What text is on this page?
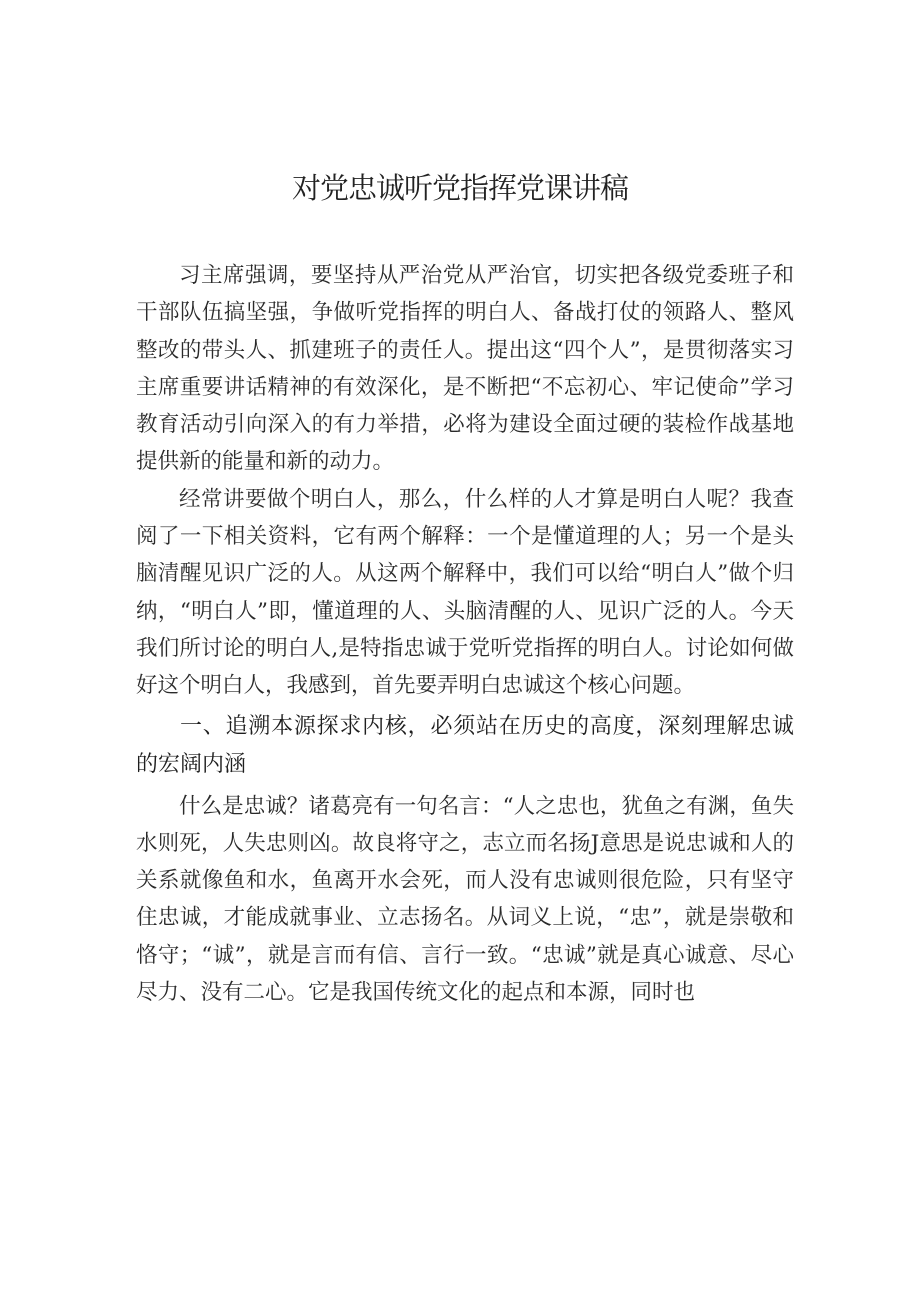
对党忠诚听党指挥党课讲稿

习主席强调，要坚持从严治党从严治官，切实把各级党委班子和干部队伍搞坚强，争做听党指挥的明白人、备战打仗的领路人、整风整改的带头人、抓建班子的责任人。提出这“四个人”，是贯彻落实习主席重要讲话精神的有效深化，是不断把“不忘初心、牢记使命”学习教育活动引向深入的有力举措，必将为建设全面过硬的装检作战基地提供新的能量和新的动力。

经常讲要做个明白人，那么，什么样的人才算是明白人呢？我查阅了一下相关资料，它有两个解释：一个是懂道理的人；另一个是头脑清醒见识广泛的人。从这两个解释中，我们可以给“明白人”做个归纳，“明白人”即，懂道理的人、头脑清醒的人、见识广泛的人。今天我们所讨论的明白人,是特指忠诚于党听党指挥的明白人。讨论如何做好这个明白人，我感到，首先要弄明白忠诚这个核心问题。

一、追溯本源探求内核，必须站在历史的高度，深刻理解忠诚的宏阔内涵

什么是忠诚？诸葛亮有一句名言：“人之忠也，犹鱼之有渊，鱼失水则死，人失忠则凶。故良将守之，志立而名扬J意思是说忠诚和人的关系就像鱼和水，鱼离开水会死，而人没有忠诚则很危险，只有坚守住忠诚，才能成就事业、立志扬名。从词义上说，“忠”，就是崇敬和恪守；“诚”，就是言而有信、言行一致。“忠诚”就是真心诚意、尽心尽力、没有二心。它是我国传统文化的起点和本源，同时也
